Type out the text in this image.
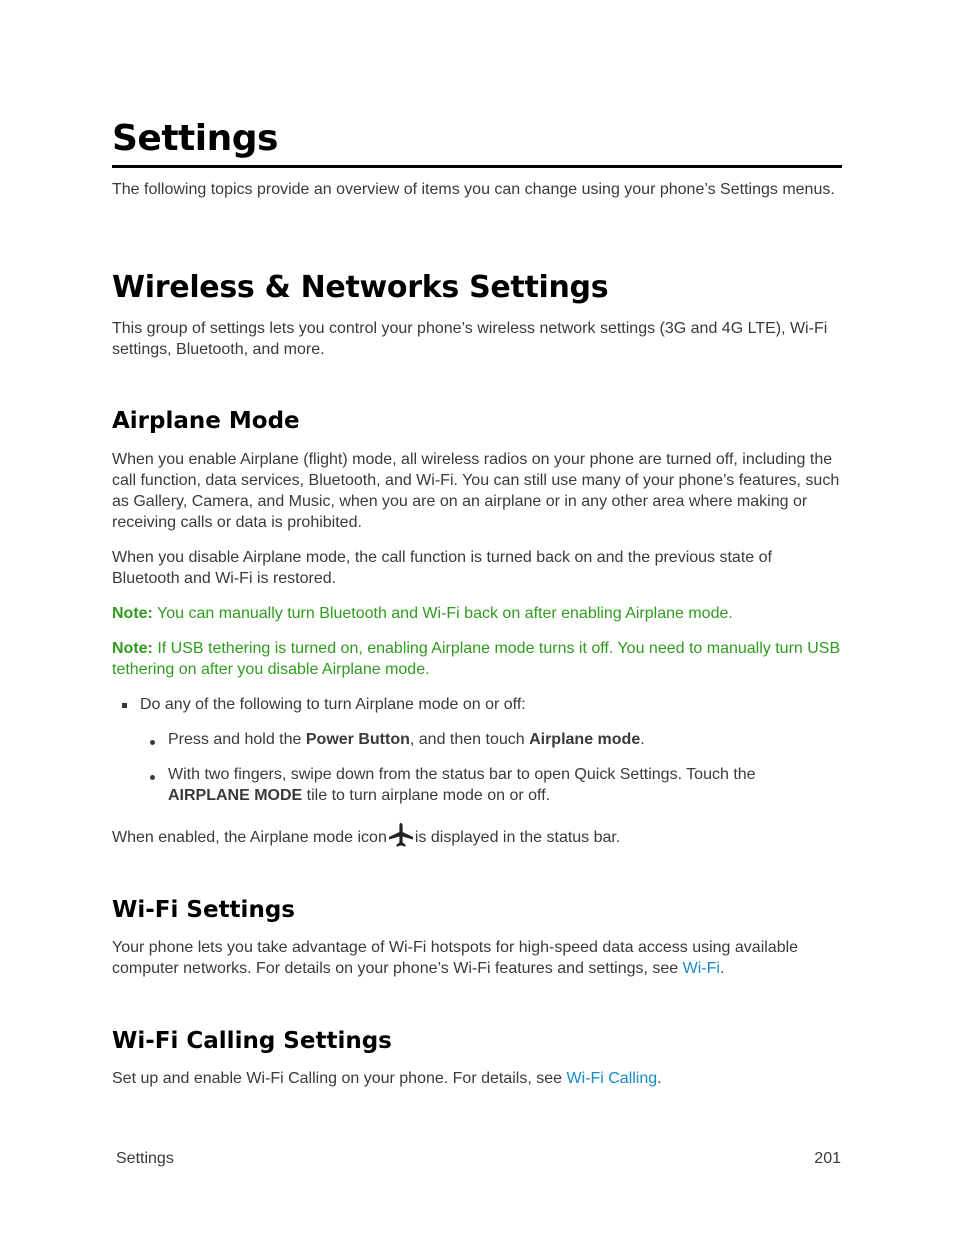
Settings

The following topics provide an overview of items you can change using your phone’s Settings menus.

Wireless & Networks Settings

This group of settings lets you control your phone’s wireless network settings (3G and 4G LTE), Wi-Fi settings, Bluetooth, and more.

Airplane Mode

When you enable Airplane (flight) mode, all wireless radios on your phone are turned off, including the call function, data services, Bluetooth, and Wi-Fi. You can still use many of your phone’s features, such as Gallery, Camera, and Music, when you are on an airplane or in any other area where making or receiving calls or data is prohibited.

When you disable Airplane mode, the call function is turned back on and the previous state of Bluetooth and Wi-Fi is restored.

Note: You can manually turn Bluetooth and Wi-Fi back on after enabling Airplane mode.

Note: If USB tethering is turned on, enabling Airplane mode turns it off. You need to manually turn USB tethering on after you disable Airplane mode.

Do any of the following to turn Airplane mode on or off:

Press and hold the Power Button, and then touch Airplane mode.

With two fingers, swipe down from the status bar to open Quick Settings. Touch the AIRPLANE MODE tile to turn airplane mode on or off.

When enabled, the Airplane mode icon is displayed in the status bar.

Wi-Fi Settings

Your phone lets you take advantage of Wi-Fi hotspots for high-speed data access using available computer networks. For details on your phone’s Wi-Fi features and settings, see Wi-Fi.

Wi-Fi Calling Settings

Set up and enable Wi-Fi Calling on your phone. For details, see Wi-Fi Calling.

Settings	201
